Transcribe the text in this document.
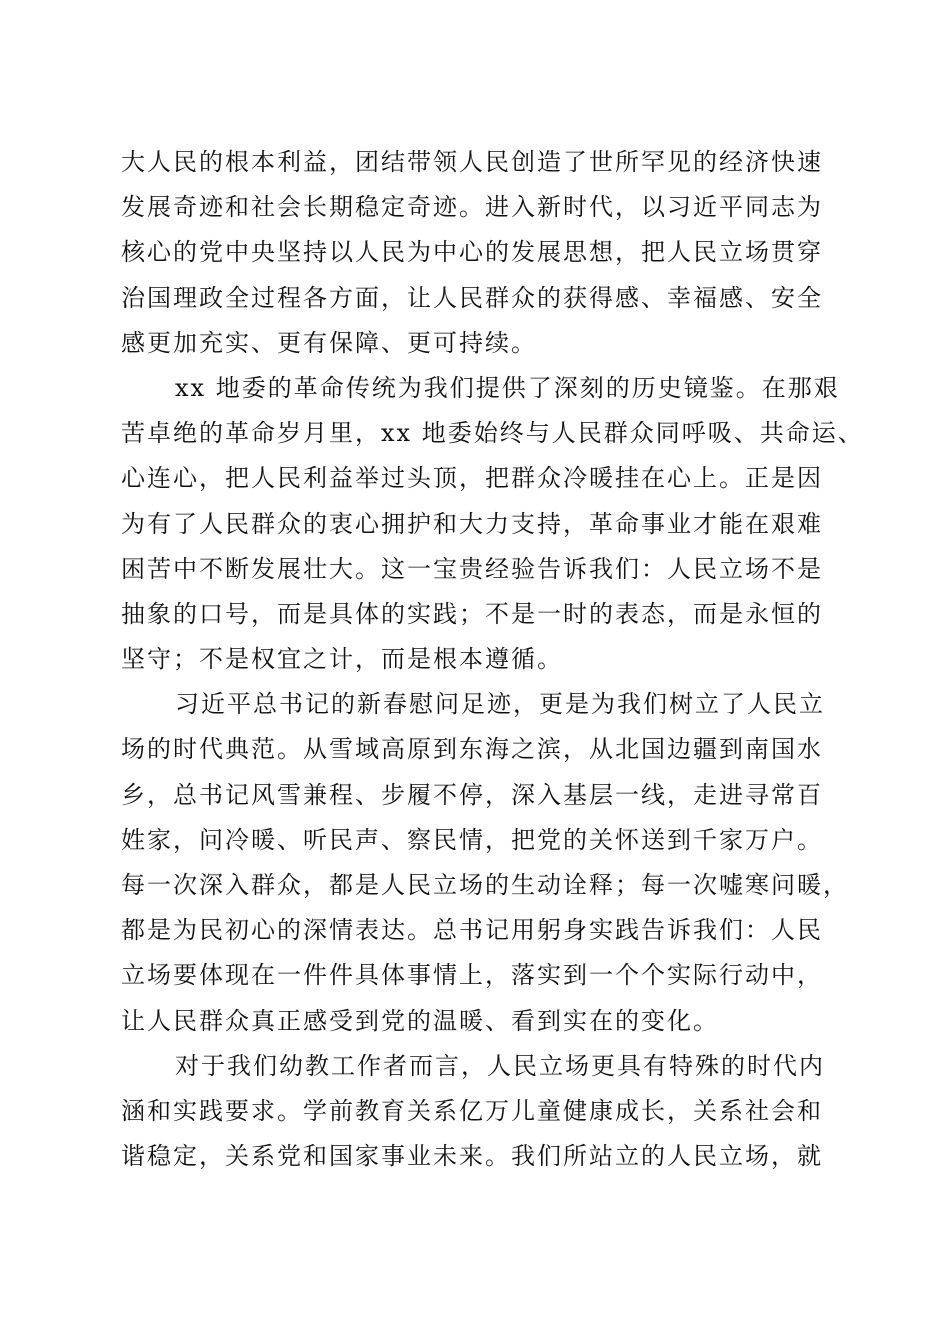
大人民的根本利益，团结带领人民创造了世所罕见的经济快速
发展奇迹和社会长期稳定奇迹。进入新时代，以习近平同志为
核心的党中央坚持以人民为中心的发展思想，把人民立场贯穿
治国理政全过程各方面，让人民群众的获得感、幸福感、安全
感更加充实、更有保障、更可持续。
xx 地委的革命传统为我们提供了深刻的历史镜鉴。在那艰
苦卓绝的革命岁月里，xx 地委始终与人民群众同呼吸、共命运、
心连心，把人民利益举过头顶，把群众冷暖挂在心上。正是因
为有了人民群众的衷心拥护和大力支持，革命事业才能在艰难
困苦中不断发展壮大。这一宝贵经验告诉我们：人民立场不是
抽象的口号，而是具体的实践；不是一时的表态，而是永恒的
坚守；不是权宜之计，而是根本遵循。
习近平总书记的新春慰问足迹，更是为我们树立了人民立
场的时代典范。从雪域高原到东海之滨，从北国边疆到南国水
乡，总书记风雪兼程、步履不停，深入基层一线，走进寻常百
姓家，问冷暖、听民声、察民情，把党的关怀送到千家万户。
每一次深入群众，都是人民立场的生动诠释；每一次嘘寒问暖，
都是为民初心的深情表达。总书记用躬身实践告诉我们：人民
立场要体现在一件件具体事情上，落实到一个个实际行动中，
让人民群众真正感受到党的温暖、看到实在的变化。
对于我们幼教工作者而言，人民立场更具有特殊的时代内
涵和实践要求。学前教育关系亿万儿童健康成长，关系社会和
谐稳定，关系党和国家事业未来。我们所站立的人民立场，就
